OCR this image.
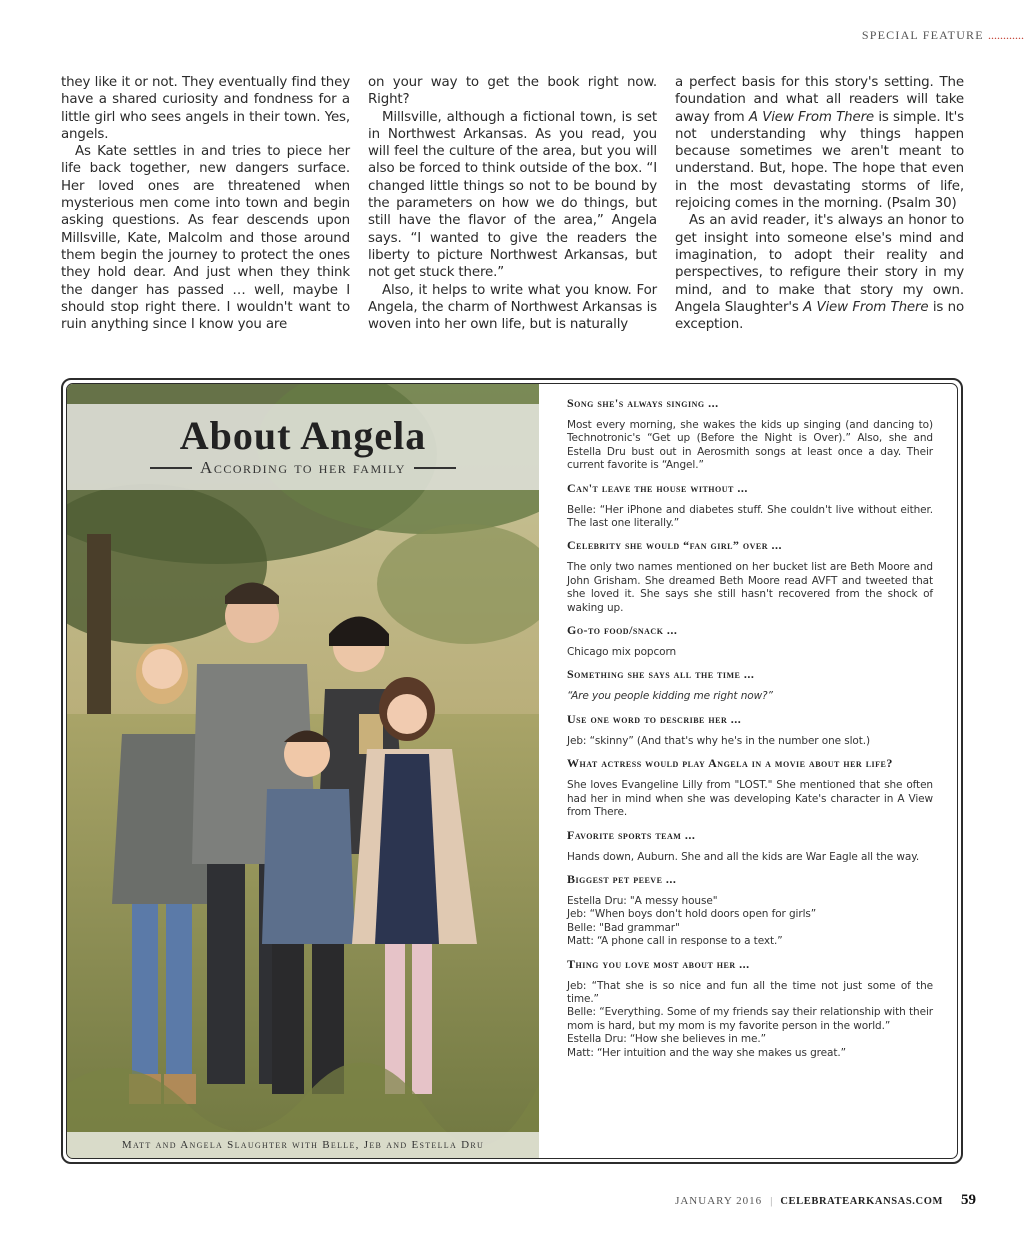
SPECIAL FEATURE ............

they like it or not. They eventually find they have a shared curiosity and fondness for a little girl who sees angels in their town. Yes, angels.

As Kate settles in and tries to piece her life back together, new dangers surface. Her loved ones are threatened when mysterious men come into town and begin asking questions. As fear descends upon Millsville, Kate, Malcolm and those around them begin the journey to protect the ones they hold dear. And just when they think the danger has passed … well, maybe I should stop right there. I wouldn't want to ruin anything since I know you are

on your way to get the book right now. Right?

Millsville, although a fictional town, is set in Northwest Arkansas. As you read, you will feel the culture of the area, but you will also be forced to think outside of the box. “I changed little things so not to be bound by the parameters on how we do things, but still have the flavor of the area,” Angela says. “I wanted to give the readers the liberty to picture Northwest Arkansas, but not get stuck there.”

Also, it helps to write what you know. For Angela, the charm of Northwest Arkansas is woven into her own life, but is naturally

a perfect basis for this story's setting. The foundation and what all readers will take away from A View From There is simple. It's not understanding why things happen because sometimes we aren't meant to understand. But, hope. The hope that even in the most devastating storms of life, rejoicing comes in the morning. (Psalm 30)

As an avid reader, it's always an honor to get insight into someone else's mind and imagination, to adopt their reality and perspectives, to refigure their story in my mind, and to make that story my own. Angela Slaughter's A View From There is no exception.

About Angela
According to her family
Matt and Angela Slaughter with Belle, Jeb and Estella Dru
Song she's always singing ...
Most every morning, she wakes the kids up singing (and dancing to) Technotronic's “Get up (Before the Night is Over).” Also, she and Estella Dru bust out in Aerosmith songs at least once a day. Their current favorite is “Angel.”
Can't leave the house without ...
Belle: “Her iPhone and diabetes stuff. She couldn't live without either. The last one literally.”
Celebrity she would “fan girl” over ...
The only two names mentioned on her bucket list are Beth Moore and John Grisham. She dreamed Beth Moore read AVFT and tweeted that she loved it. She says she still hasn't recovered from the shock of waking up.
Go-to food/snack ...
Chicago mix popcorn
Something she says all the time ...
“Are you people kidding me right now?”
Use one word to describe her ...
Jeb: “skinny” (And that's why he's in the number one slot.)
What actress would play Angela in a movie about her life?
She loves Evangeline Lilly from "LOST." She mentioned that she often had her in mind when she was developing Kate's character in A View from There.
Favorite sports team ...
Hands down, Auburn. She and all the kids are War Eagle all the way.
Biggest pet peeve ...
Estella Dru: "A messy house"
Jeb: “When boys don't hold doors open for girls”
Belle: "Bad grammar"
Matt: “A phone call in response to a text.”
Thing you love most about her ...
Jeb: “That she is so nice and fun all the time not just some of the time.”
Belle: “Everything. Some of my friends say their relationship with their mom is hard, but my mom is my favorite person in the world.”
Estella Dru: “How she believes in me.”
Matt: “Her intuition and the way she makes us great.”
JANUARY 2016 | CELEBRATEARKANSAS.COM 59
